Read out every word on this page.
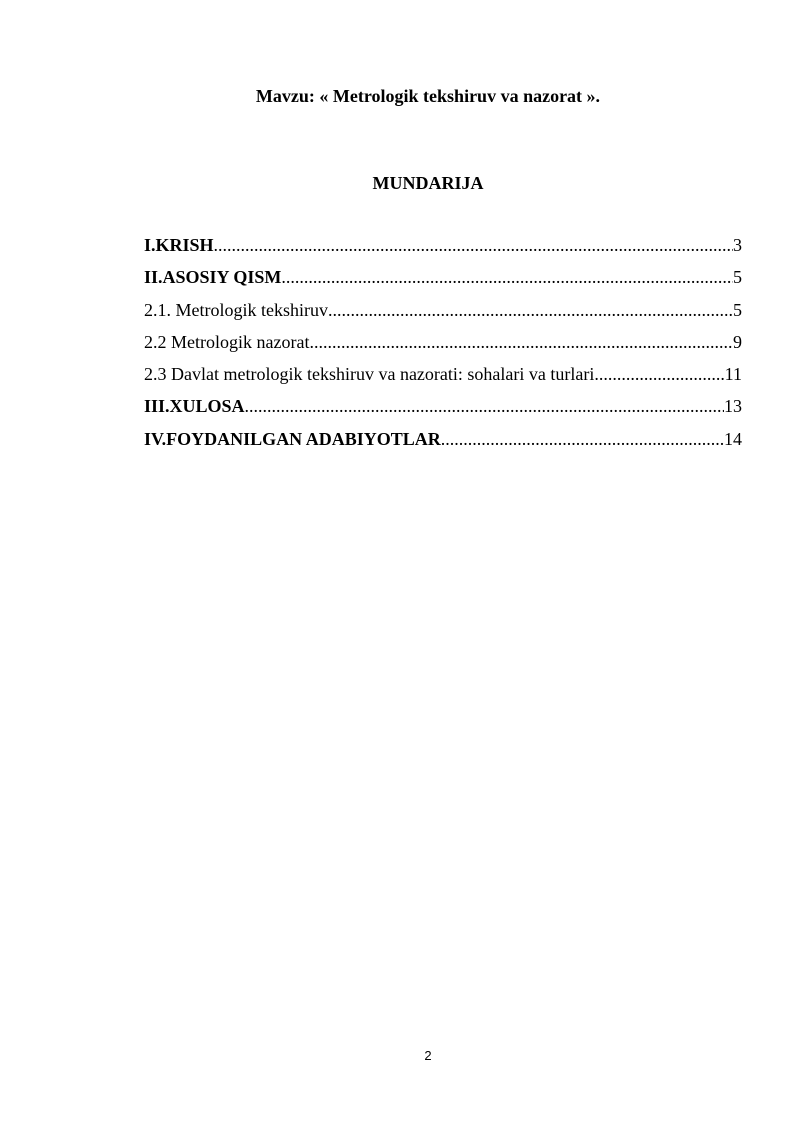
Mavzu: « Metrologik tekshiruv va nazorat ».
MUNDARIJA
I.KRISH .....	3
II.ASOSIY QISM .....	5
2.1. Metrologik tekshiruv .....	5
2.2 Metrologik nazorat .....	9
2.3 Davlat metrologik tekshiruv va nazorati: sohalari va turlari .....	11
III.XULOSA .....	13
IV.FOYDANILGAN ADABIYOTLAR .....	14
2
